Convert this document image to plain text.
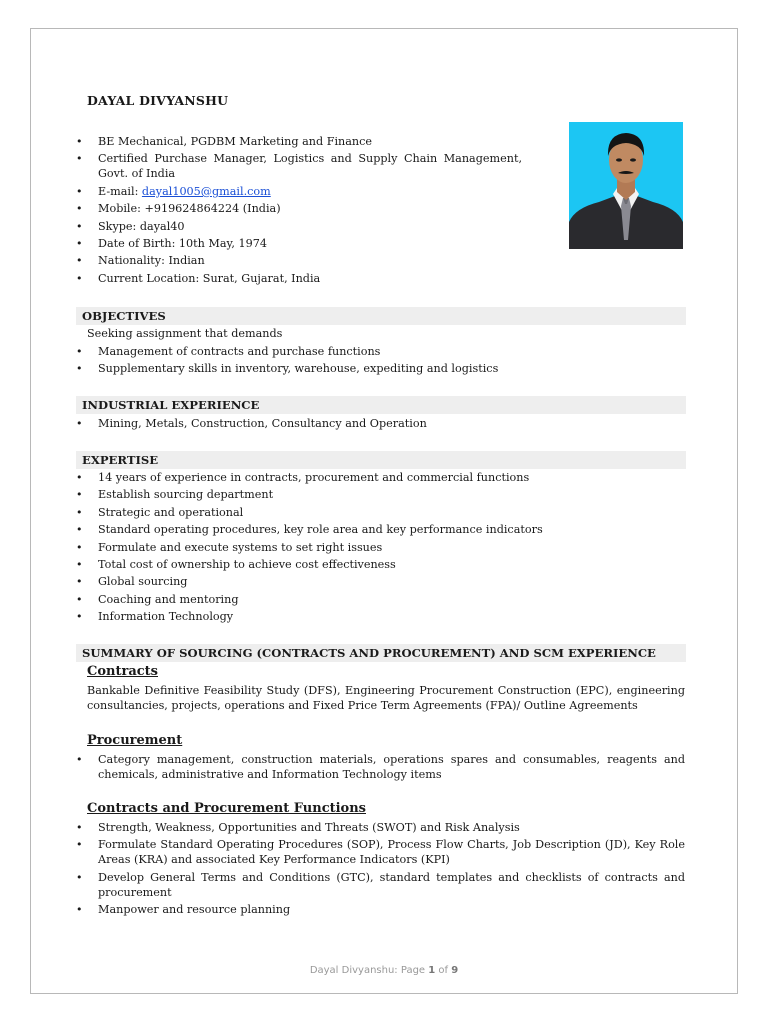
DAYAL DIVYANSHU
• BE Mechanical, PGDBM Marketing and Finance
• Certified Purchase Manager, Logistics and Supply Chain Management, Govt. of India
• E-mail: dayal1005@gmail.com
• Mobile: +919624864224 (India)
• Skype: dayal40
• Date of Birth: 10th May, 1974
• Nationality: Indian
• Current Location: Surat, Gujarat, India
OBJECTIVES

Seeking assignment that demands

• Management of contracts and purchase functions
• Supplementary skills in inventory, warehouse, expediting and logistics
INDUSTRIAL EXPERIENCE
• Mining, Metals, Construction, Consultancy and Operation
EXPERTISE
• 14 years of experience in contracts, procurement and commercial functions
• Establish sourcing department
• Strategic and operational
• Standard operating procedures, key role area and key performance indicators
• Formulate and execute systems to set right issues
• Total cost of ownership to achieve cost effectiveness
• Global sourcing
• Coaching and mentoring
• Information Technology
SUMMARY OF SOURCING (CONTRACTS AND PROCUREMENT) AND SCM EXPERIENCE
Contracts

Bankable Definitive Feasibility Study (DFS), Engineering Procurement Construction (EPC), engineering consultancies, projects, operations and Fixed Price Term Agreements (FPA)/ Outline Agreements

Procurement
• Category management, construction materials, operations spares and consumables, reagents and chemicals, administrative and Information Technology items
Contracts and Procurement Functions
• Strength, Weakness, Opportunities and Threats (SWOT) and Risk Analysis
• Formulate Standard Operating Procedures (SOP), Process Flow Charts, Job Description (JD), Key Role Areas (KRA) and associated Key Performance Indicators (KPI)
• Develop General Terms and Conditions (GTC), standard templates and checklists of contracts and procurement
• Manpower and resource planning
Dayal Divyanshu: Page 1 of 9
